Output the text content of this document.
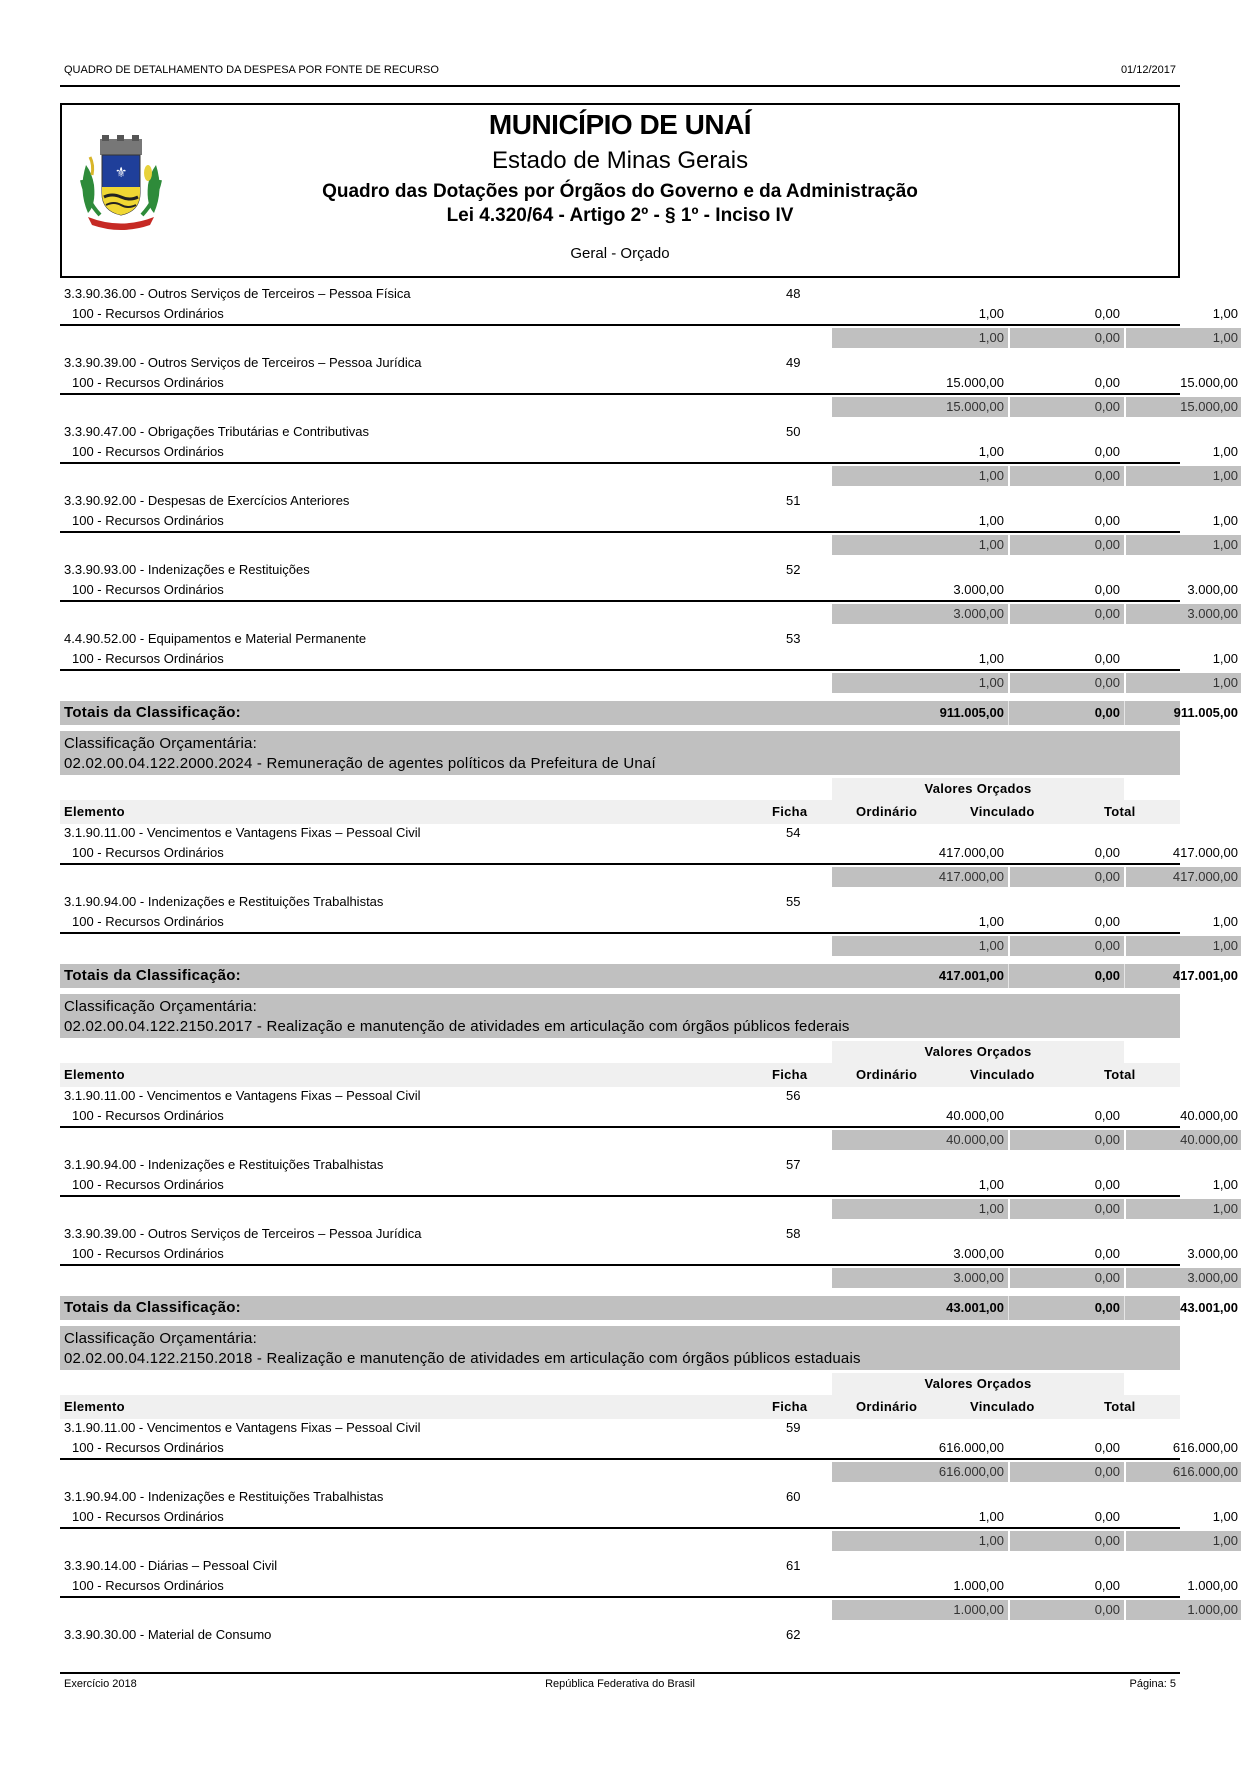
QUADRO DE DETALHAMENTO DA DESPESA POR FONTE DE RECURSO	01/12/2017
⚜
MUNICÍPIO DE UNAÍ
Estado de Minas Gerais
Quadro das Dotações por Órgãos do Governo e da Administração
Lei 4.320/64 - Artigo 2º - § 1º - Inciso IV
Geral - Orçado
3.3.90.36.00 - Outros Serviços de Terceiros – Pessoa Física	48
100 - Recursos Ordinários	1,00	0,00	1,00
1,00	0,00	1,00
3.3.90.39.00 - Outros Serviços de Terceiros – Pessoa Jurídica	49
100 - Recursos Ordinários	15.000,00	0,00	15.000,00
15.000,00	0,00	15.000,00
3.3.90.47.00 - Obrigações Tributárias e Contributivas	50
100 - Recursos Ordinários	1,00	0,00	1,00
1,00	0,00	1,00
3.3.90.92.00 - Despesas de Exercícios Anteriores	51
100 - Recursos Ordinários	1,00	0,00	1,00
1,00	0,00	1,00
3.3.90.93.00 - Indenizações e Restituições	52
100 - Recursos Ordinários	3.000,00	0,00	3.000,00
3.000,00	0,00	3.000,00
4.4.90.52.00 - Equipamentos e Material Permanente	53
100 - Recursos Ordinários	1,00	0,00	1,00
1,00	0,00	1,00
Totais da Classificação:	911.005,00	0,00	911.005,00
Classificação Orçamentária:
02.02.00.04.122.2000.2024 - Remuneração de agentes políticos da Prefeitura de Unaí
Valores Orçados
Elemento	Ficha	Ordinário	Vinculado	Total
3.1.90.11.00 - Vencimentos e Vantagens Fixas – Pessoal Civil	54
100 - Recursos Ordinários	417.000,00	0,00	417.000,00
417.000,00	0,00	417.000,00
3.1.90.94.00 - Indenizações e Restituições Trabalhistas	55
100 - Recursos Ordinários	1,00	0,00	1,00
1,00	0,00	1,00
Totais da Classificação:	417.001,00	0,00	417.001,00
Classificação Orçamentária:
02.02.00.04.122.2150.2017 - Realização e manutenção de atividades em articulação com órgãos públicos federais
Valores Orçados
Elemento	Ficha	Ordinário	Vinculado	Total
3.1.90.11.00 - Vencimentos e Vantagens Fixas – Pessoal Civil	56
100 - Recursos Ordinários	40.000,00	0,00	40.000,00
40.000,00	0,00	40.000,00
3.1.90.94.00 - Indenizações e Restituições Trabalhistas	57
100 - Recursos Ordinários	1,00	0,00	1,00
1,00	0,00	1,00
3.3.90.39.00 - Outros Serviços de Terceiros – Pessoa Jurídica	58
100 - Recursos Ordinários	3.000,00	0,00	3.000,00
3.000,00	0,00	3.000,00
Totais da Classificação:	43.001,00	0,00	43.001,00
Classificação Orçamentária:
02.02.00.04.122.2150.2018 - Realização e manutenção de atividades em articulação com órgãos públicos estaduais
Valores Orçados
Elemento	Ficha	Ordinário	Vinculado	Total
3.1.90.11.00 - Vencimentos e Vantagens Fixas – Pessoal Civil	59
100 - Recursos Ordinários	616.000,00	0,00	616.000,00
616.000,00	0,00	616.000,00
3.1.90.94.00 - Indenizações e Restituições Trabalhistas	60
100 - Recursos Ordinários	1,00	0,00	1,00
1,00	0,00	1,00
3.3.90.14.00 - Diárias – Pessoal Civil	61
100 - Recursos Ordinários	1.000,00	0,00	1.000,00
1.000,00	0,00	1.000,00
3.3.90.30.00 - Material de Consumo	62
Exercício 2018	República Federativa do Brasil	Página: 5
